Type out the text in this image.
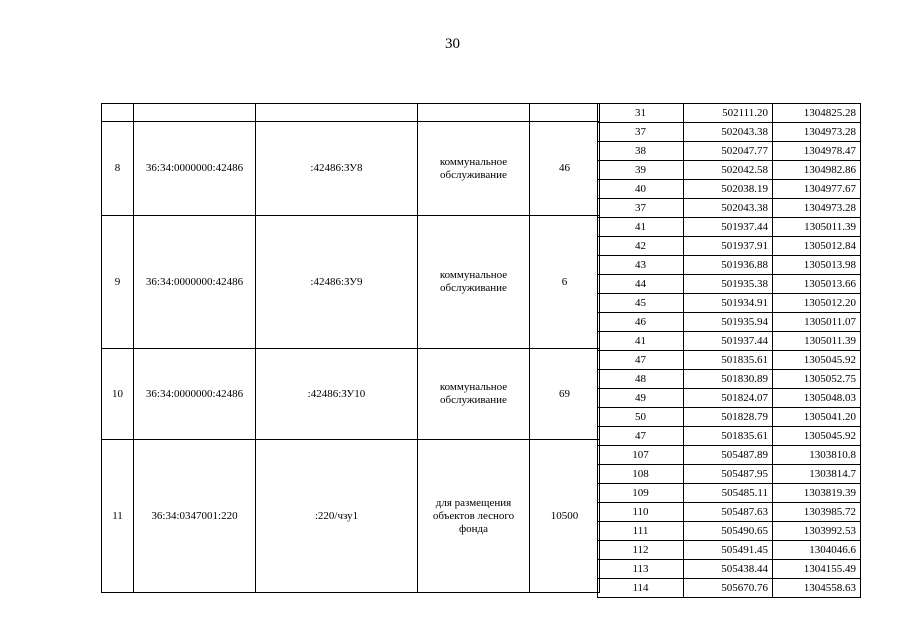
30

8	36:34:0000000:42486	:42486:ЗУ8	коммунальное обслуживание	46
9	36:34:0000000:42486	:42486:ЗУ9	коммунальное обслуживание	6
10	36:34:0000000:42486	:42486:ЗУ10	коммунальное обслуживание	69
11	36:34:0347001:220	:220/чзу1	для размещения объектов лесного фонда	10500
31	502111.20	1304825.28
37	502043.38	1304973.28
38	502047.77	1304978.47
39	502042.58	1304982.86
40	502038.19	1304977.67
37	502043.38	1304973.28
41	501937.44	1305011.39
42	501937.91	1305012.84
43	501936.88	1305013.98
44	501935.38	1305013.66
45	501934.91	1305012.20
46	501935.94	1305011.07
41	501937.44	1305011.39
47	501835.61	1305045.92
48	501830.89	1305052.75
49	501824.07	1305048.03
50	501828.79	1305041.20
47	501835.61	1305045.92
107	505487.89	1303810.8
108	505487.95	1303814.7
109	505485.11	1303819.39
110	505487.63	1303985.72
111	505490.65	1303992.53
112	505491.45	1304046.6
113	505438.44	1304155.49
114	505670.76	1304558.63
